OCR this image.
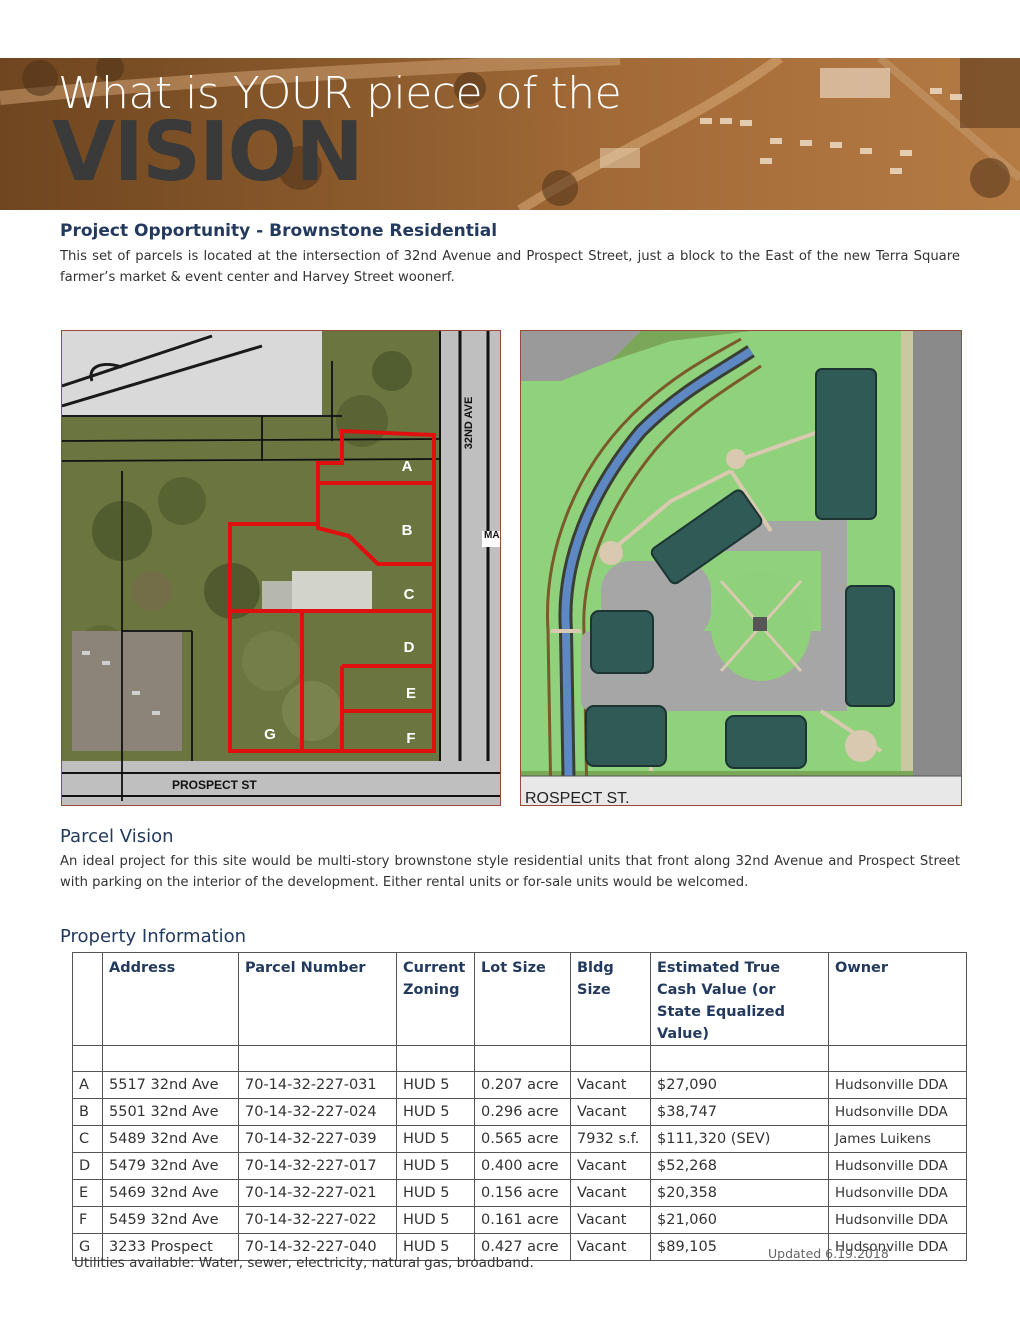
What is YOUR piece of the
VISION
Project Opportunity - Brownstone Residential
This set of parcels is located at the intersection of 32nd Avenue and Prospect Street, just a block to the East of the new Terra Square farmer’s market & event center and Harvey Street woonerf.
A
B
C
D
E
F
G
32ND AVE
MA
PROSPECT ST
ROSPECT ST.
Parcel Vision
An ideal project for this site would be multi-story brownstone style residential units that front along 32nd Avenue and Prospect Street with parking on the interior of the development. Either rental units or for-sale units would be welcomed.
Property Information
	Address	Parcel Number	Current Zoning	Lot Size	Bldg Size	Estimated True Cash Value (or State Equalized Value)	Owner

A	5517 32nd Ave	70-14-32-227-031	HUD 5	0.207 acre	Vacant	$27,090	Hudsonville DDA
B	5501 32nd Ave	70-14-32-227-024	HUD 5	0.296 acre	Vacant	$38,747	Hudsonville DDA
C	5489 32nd Ave	70-14-32-227-039	HUD 5	0.565 acre	7932 s.f.	$111,320 (SEV)	James Luikens
D	5479 32nd Ave	70-14-32-227-017	HUD 5	0.400 acre	Vacant	$52,268	Hudsonville DDA
E	5469 32nd Ave	70-14-32-227-021	HUD 5	0.156 acre	Vacant	$20,358	Hudsonville DDA
F	5459 32nd Ave	70-14-32-227-022	HUD 5	0.161 acre	Vacant	$21,060	Hudsonville DDA
G	3233 Prospect	70-14-32-227-040	HUD 5	0.427 acre	Vacant	$89,105	Hudsonville DDA
Updated 6.19.2018
Utilities available: Water, sewer, electricity, natural gas, broadband.
